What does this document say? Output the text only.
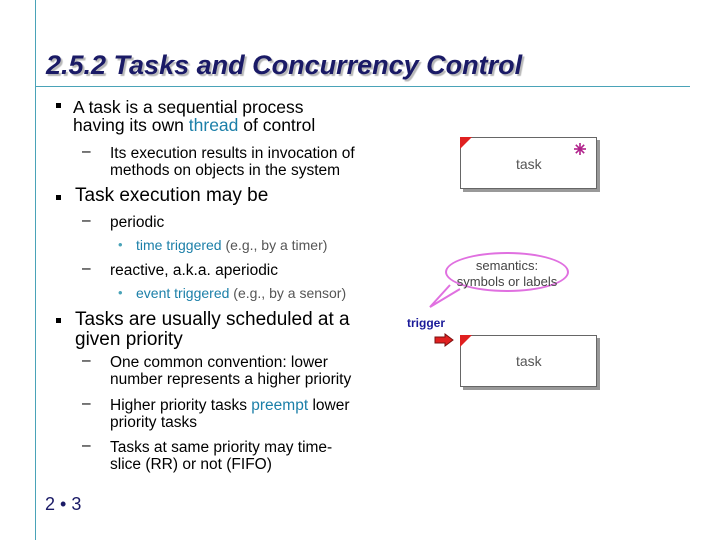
2.5.2 Tasks and Concurrency Control
A task is a sequential process
having its own thread of control
– Its execution results in invocation of
methods on objects in the system
Task execution may be
– periodic
• time triggered (e.g., by a timer)
– reactive, a.k.a. aperiodic
• event triggered (e.g., by a sensor)
Tasks are usually scheduled at a
given priority
– One common convention: lower
number represents a higher priority
– Higher priority tasks preempt lower
priority tasks
– Tasks at same priority may time-
slice (RR) or not (FIFO)
2 • 3
task
semantics:
symbols or labels
trigger
task
